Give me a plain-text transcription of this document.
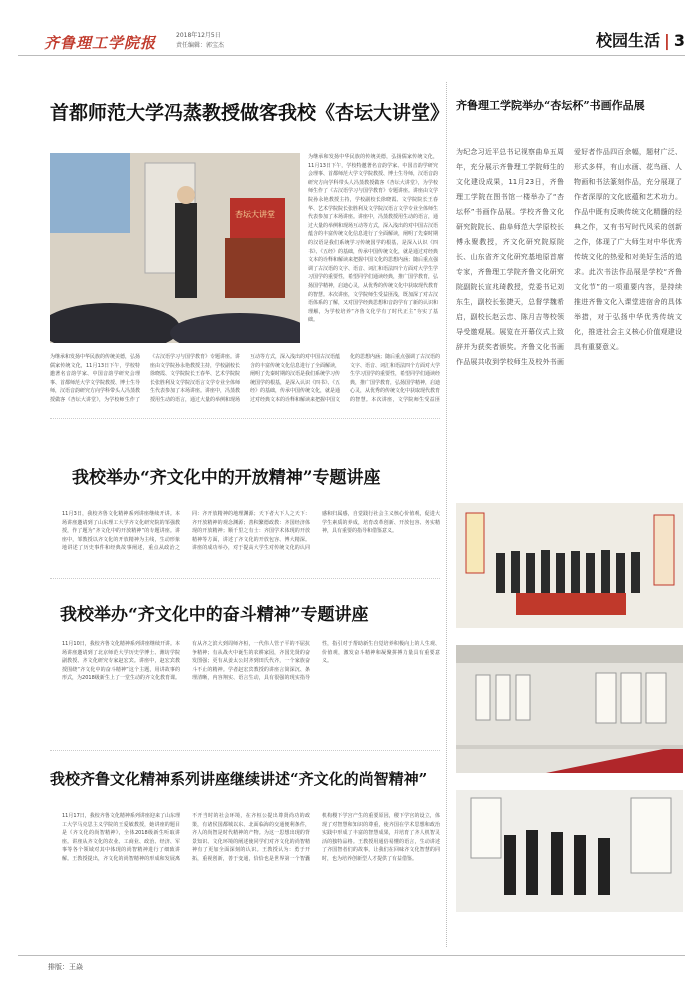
齐鲁理工学院报	2018年12月5日
责任编辑：郭宝杰	校园生活 | 3
首都师范大学冯蒸教授做客我校《杏坛大讲堂》
杏坛大讲堂
为继承和发扬中华民族的传统美德，弘扬儒家传统文化，11月13日下午，学校特邀著名音韵学家、中国音韵学研究会理事、首都师范大学文学院教授、博士生导师，汉语音韵研究方向学科带头人冯蒸教授做客《杏坛大讲堂》，为学校师生作了《古汉语学习与国学教育》专题讲座。讲座由文学院孙永艳教授主持，学校副校长徐晓霞、文学院院长王春华、艺术学院院长张胜利及文学院汉语言文学专业全体师生代表参加了本场讲座。讲座中，冯蒸教授用生动的语言，通过大量的举例和现场互动等方式，深入浅出的对中国古汉语蕴含的丰富传统文化信息进行了全面解读，阐明了先秦时期的汉语是我们系统学习传统国学的根基，是深入认识《四书》、《五经》的基础，传承中国传统文化，就是通过对经典文本的诠释和解读来把握中国文化的思想内涵；随后重点强调了古汉语的文字、语音、词汇和语法四个方面对大学生学习国学的重要性，希望同学们通读经典，推广国学教育，弘扬国学精神，启迪心灵，从优秀的传统文化中获取现代教育的智慧。本次讲座，文学院师生受益匪浅，既加深了对古汉语体系的了解，又对国学经典思想和音韵学有了新的认识和理解，为学校培养“齐鲁文化学有了时代正主”夯实了基础。
为继承和发扬中华民族的传统美德，弘扬儒家传统文化，11月13日下午，学校特邀著名音韵学家、中国音韵学研究会理事、首都师范大学文学院教授、博士生导师，汉语音韵研究方向学科带头人冯蒸教授做客《杏坛大讲堂》，为学校师生作了《古汉语学习与国学教育》专题讲座。讲座由文学院孙永艳教授主持，学校副校长徐晓霞、文学院院长王春华、艺术学院院长张胜利及文学院汉语言文学专业全体师生代表参加了本场讲座。讲座中，冯蒸教授用生动的语言，通过大量的举例和现场互动等方式，深入浅出的对中国古汉语蕴含的丰富传统文化信息进行了全面解读，阐明了先秦时期的汉语是我们系统学习传统国学的根基，是深入认识《四书》、《五经》的基础，传承中国传统文化，就是通过对经典文本的诠释和解读来把握中国文化的思想内涵；随后重点强调了古汉语的文字、语音、词汇和语法四个方面对大学生学习国学的重要性，希望同学们通读经典，推广国学教育，弘扬国学精神，启迪心灵，从优秀的传统文化中获取现代教育的智慧。本次讲座，文学院师生受益匪
我校举办“齐文化中的开放精神”专题讲座
11月3日，我校齐鲁文化精神系列讲座继续开讲。本场讲座邀请到了山东理工大学齐文化研究院的邹强教授，作了题为“齐文化中的开放精神”的专题讲座。讲座中，邹教授以齐文化的开放精神为主线，生动形象地讲述了历史事件和经典故事阐述，重点从政治之同：齐开放精神的地理渊源；天下者大下人之天下：齐开放精神的观念渊源；善积繁德政教：齐国经济体现的开放精神；顺千里之有士：齐国学术体现的开放精神等方面，讲述了齐文化的开放包容、博大精深。讲座的成功举办，对于提高大学生对传统文化的认同感和归属感，自觉践行社会主义核心价值观，促进大学生素质的养成，培育改革创新、开放包容、务实精神，具有重要的指导和借鉴意义。
我校举办“齐文化中的奋斗精神”专题讲座
11月10日，我校齐鲁文化精神系列讲座继续开讲。本场讲座邀请到了北京师范大学历史学博士、潍坊学院副教授、齐文化研究专家赵宏宾。讲座中，赵宏宾教授围绕“齐文化中的奋斗精神”这个主题，用讲故事的形式，为2018级新生上了一堂生动的齐文化教育课。有从齐之滨大到周师齐桓，一代伟人管子平的不屈抗争精神；有从战火中诞生的农耕家园，齐国先贤的奋发图强；更有从姜太公封齐到田氏代齐，一个家族奋斗不止的精神。学者赵宏宾教授的讲座言简深沉、条理清晰，内容翔实、语言生动，具有很强的现实指导性，指引对于帮助新生自觉培养积极向上的人生观、价值观，激发奋斗精神和凝聚拼搏力量具有重要意义。
我校齐鲁文化精神系列讲座继续讲述“齐文化的尚智精神”
11月17日，我校齐鲁文化精神系列讲座迎来了山东理工大学马克思主义学院的王爱敏教授，她讲座的题目是《齐文化的尚智精神》，全体2018级新生听取讲座。讲座从齐文化的农业、工商业、政治、经济、军事等各个领域对其中体现的尚智精神进行了细致讲解。王教授提出，齐文化的尚智精神的形成和发展离不开当时的社会环境，在齐桓公提出尊贤尚功的政策，有诸侯国都城以东、北面临海的交通便利条件，齐人的尚智是时代精神的产物。为这一思想出现的背景知识、文化环境的阐述使同学们对齐文化的尚智精神有了更加全面深刻的认识。王教授认为：勇于开拓，重视创新，善于变通，恰恰也是世界第一个智囊机构稷下学宫产生的重要原因，稷下学宫的设立，体现了对智慧和知识的尊重，使齐国在学术思想和政治实践中形成了丰富的智慧成果，并培育了齐人机智灵活的独特品格。王教授用通俗易懂的语言，生动讲述了齐国智者们的故事，让我们在回味齐文化智慧的同时，也为培养创新型人才提供了有益借鉴。
齐鲁理工学院举办“杏坛杯”书画作品展
为纪念习近平总书记视察曲阜五周年，充分展示齐鲁理工学院师生的文化建设成果，11月23日，齐鲁理工学院在图书馆一楼举办了“杏坛杯”书画作品展。学校齐鲁文化研究院院长、曲阜师范大学原校长傅永聚教授，齐文化研究院原院长、山东省齐文化研究基地原首席专家，齐鲁理工学院齐鲁文化研究院副院长宣兆琦教授，党委书记刘东生，副校长张捷天，总督学魏希启，副校长赵云忠、陈月吉等校领导受邀观展。展览在开幕仪式上致辞并为获奖者颁奖。齐鲁文化书画作品展共收到学校师生及校外书画爱好者作品四百余幅，题材广泛、形式多样，有山水画、花鸟画、人物画和书法篆刻作品，充分展现了作者深厚的文化底蕴和艺术功力。作品中既有反映传统文化精髓的经典之作，又有书写时代风采的创新之作，体现了广大师生对中华优秀传统文化的热爱和对美好生活的追求。此次书法作品展是学校“齐鲁文化节”的一项重要内容，是持续推进齐鲁文化入课堂进宿舍的具体举措，对于弘扬中华优秀传统文化，推进社会主义核心价值观建设具有重要意义。
排版：王焱
